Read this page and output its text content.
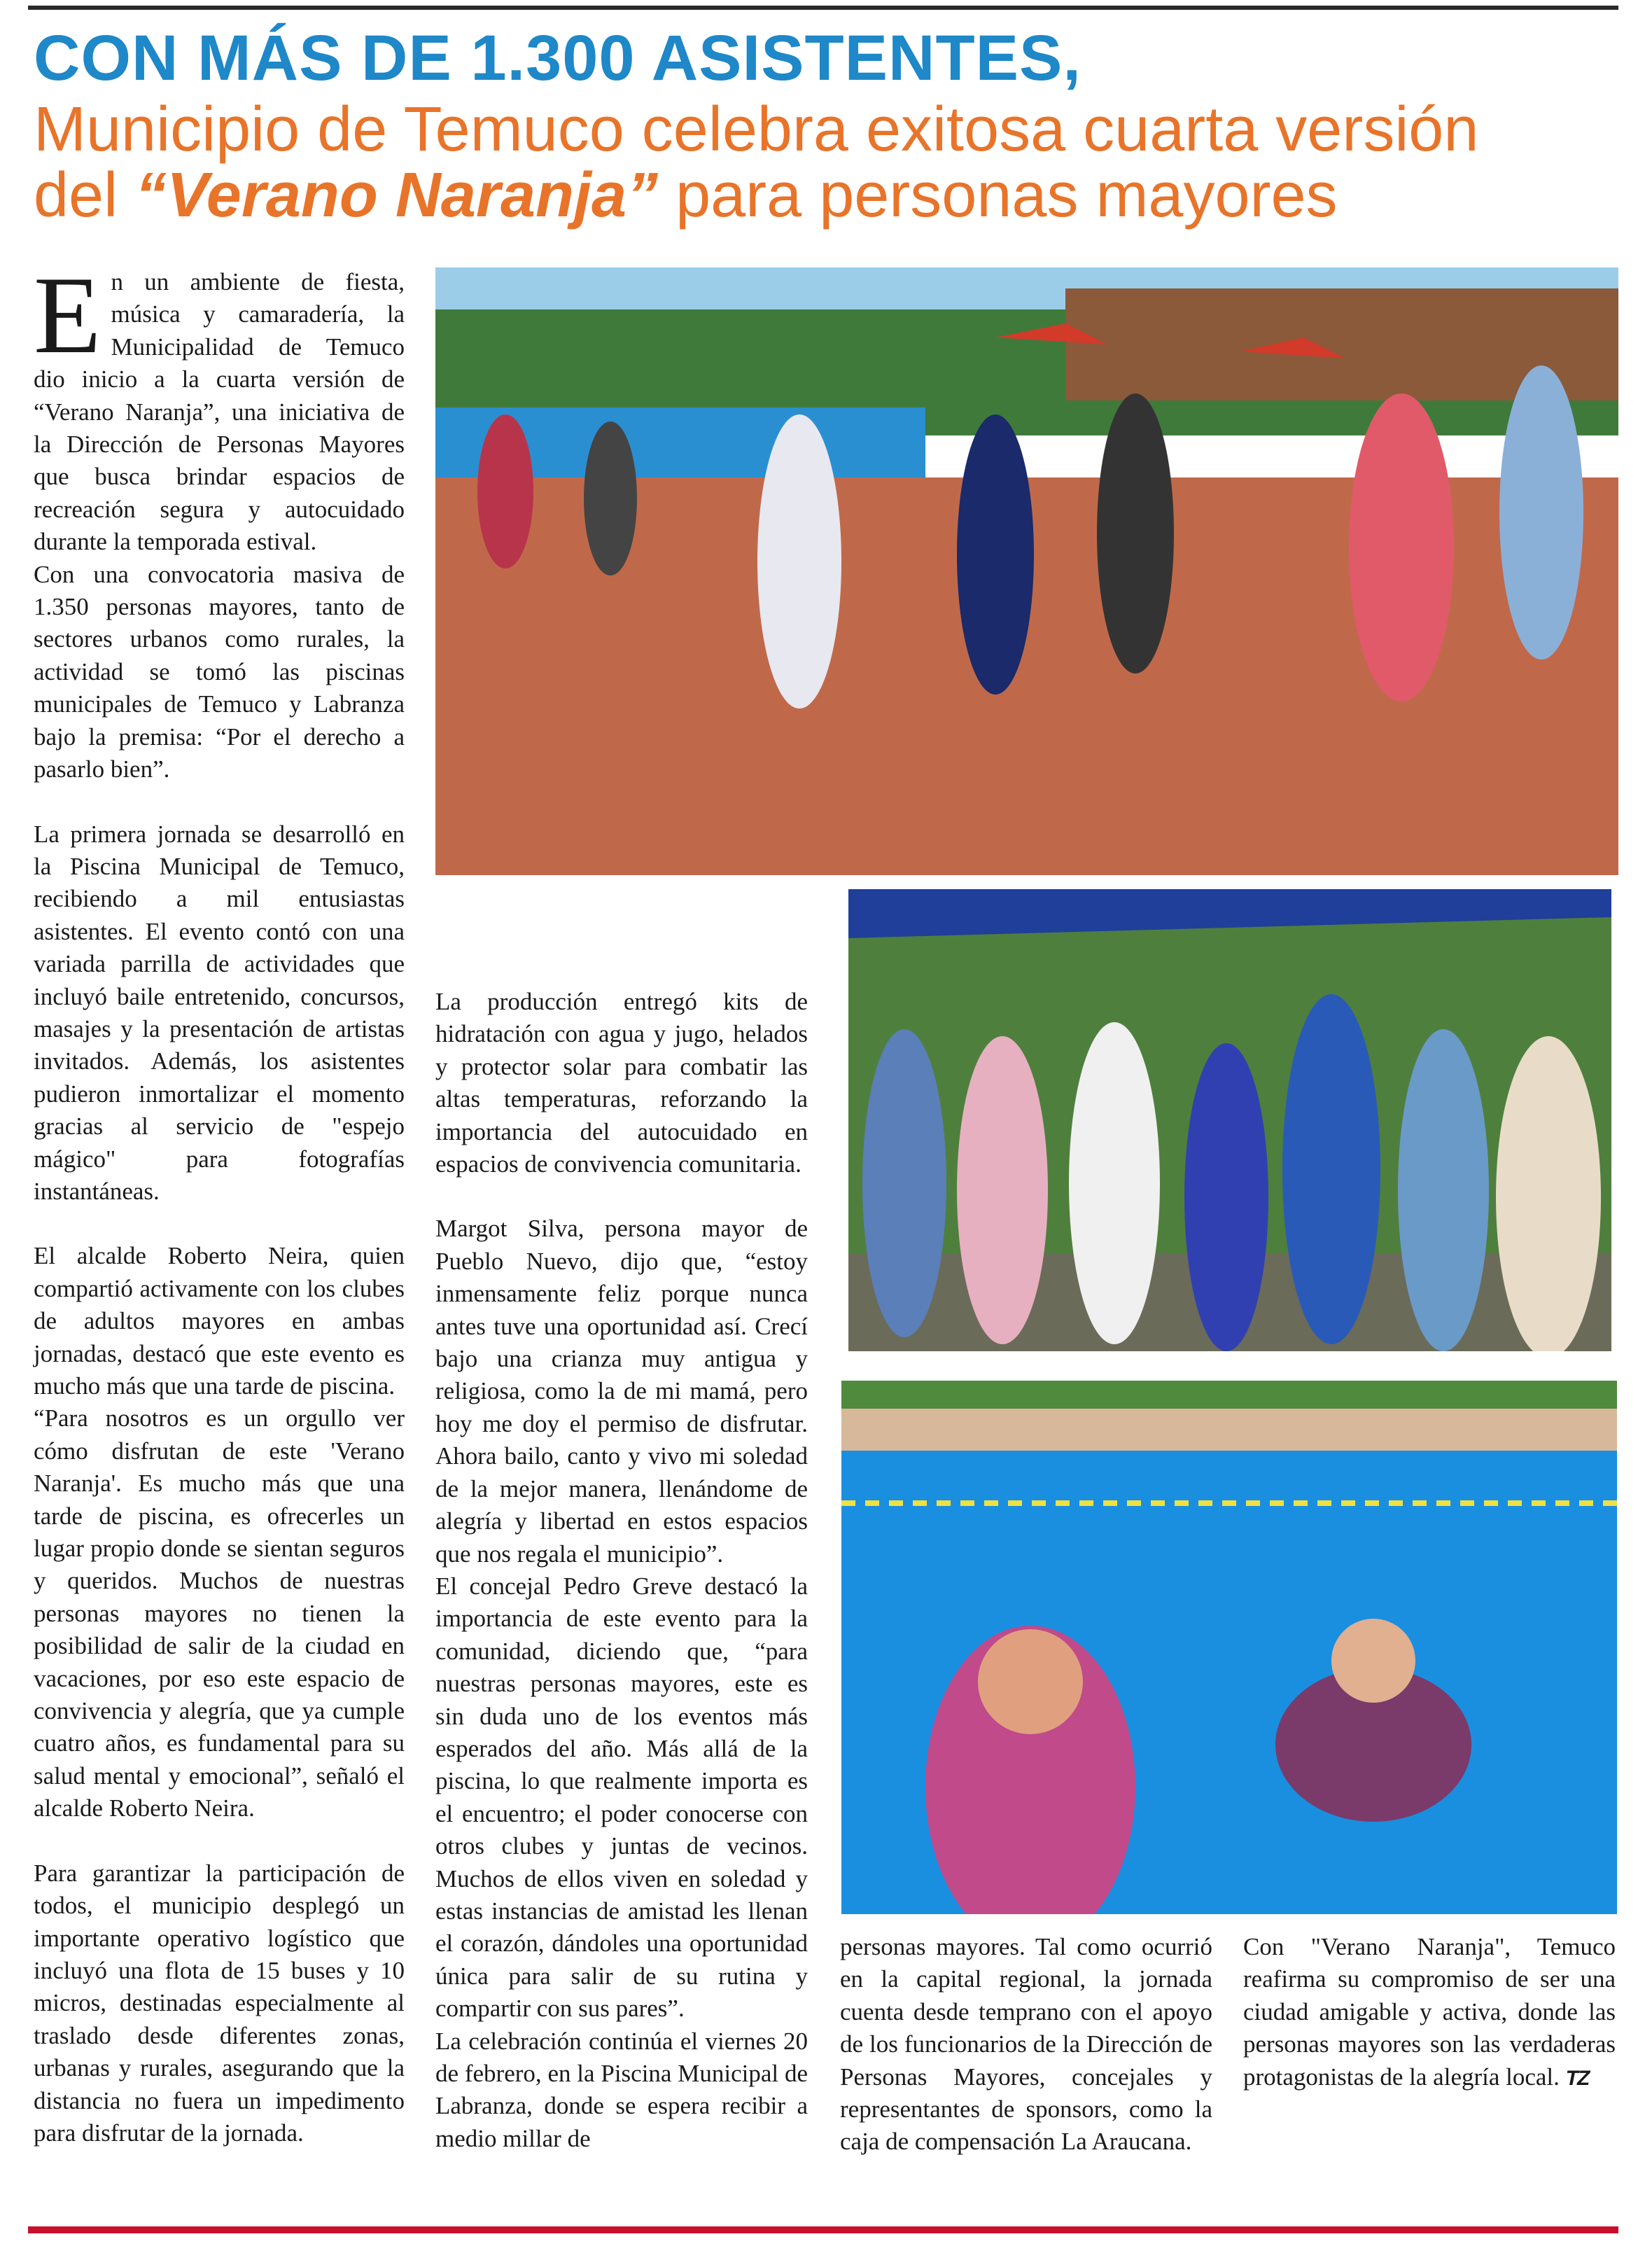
CON MÁS DE 1.300 ASISTENTES,
Municipio de Temuco celebra exitosa cuarta versión
del “Verano Naranja” para personas mayores
E n un ambiente de fiesta, música y camaradería, la Municipalidad de Temuco dio inicio a la cuarta versión de “Verano Naranja”, una iniciativa de la Dirección de Personas Mayores que busca brindar espacios de recreación segura y autocuidado durante la temporada estival.

Con una convocatoria masiva de 1.350 personas mayores, tanto de sectores urbanos como rurales, la actividad se tomó las piscinas municipales de Temuco y Labranza bajo la premisa: “Por el derecho a pasarlo bien”.

La primera jornada se desarrolló en la Piscina Municipal de Temuco, recibiendo a mil entusiastas asistentes. El evento contó con una variada parrilla de actividades que incluyó baile entretenido, concursos, masajes y la presentación de artistas invitados. Además, los asistentes pudieron inmortalizar el momento gracias al servicio de "espejo mágico" para fotografías instantáneas.

El alcalde Roberto Neira, quien compartió activamente con los clubes de adultos mayores en ambas jornadas, destacó que este evento es mucho más que una tarde de piscina.

“Para nosotros es un orgullo ver cómo disfrutan de este 'Verano Naranja'. Es mucho más que una tarde de piscina, es ofrecerles un lugar propio donde se sientan seguros y queridos. Muchos de nuestras personas mayores no tienen la posibilidad de salir de la ciudad en vacaciones, por eso este espacio de convivencia y alegría, que ya cumple cuatro años, es fundamental para su salud mental y emocional”, señaló el alcalde Roberto Neira.

Para garantizar la participación de todos, el municipio desplegó un importante operativo logístico que incluyó una flota de 15 buses y 10 micros, destinadas especialmente al traslado desde diferentes zonas, urbanas y rurales, asegurando que la distancia no fuera un impedimento para disfrutar de la jornada.

La producción entregó kits de hidratación con agua y jugo, helados y protector solar para combatir las altas temperaturas, reforzando la importancia del autocuidado en espacios de convivencia comunitaria.

Margot Silva, persona mayor de Pueblo Nuevo, dijo que, “estoy inmensamente feliz porque nunca antes tuve una oportunidad así. Crecí bajo una crianza muy antigua y religiosa, como la de mi mamá, pero hoy me doy el permiso de disfrutar. Ahora bailo, canto y vivo mi soledad de la mejor manera, llenándome de alegría y libertad en estos espacios que nos regala el municipio”.

El concejal Pedro Greve destacó la importancia de este evento para la comunidad, diciendo que, “para nuestras personas mayores, este es sin duda uno de los eventos más esperados del año. Más allá de la piscina, lo que realmente importa es el encuentro; el poder conocerse con otros clubes y juntas de vecinos. Muchos de ellos viven en soledad y estas instancias de amistad les llenan el corazón, dándoles una oportunidad única para salir de su rutina y compartir con sus pares”.

La celebración continúa el viernes 20 de febrero, en la Piscina Municipal de Labranza, donde se espera recibir a medio millar de

personas mayores. Tal como ocurrió en la capital regional, la jornada cuenta desde temprano con el apoyo de los funcionarios de la Dirección de Personas Mayores, concejales y representantes de sponsors, como la caja de compensación La Araucana.

Con "Verano Naranja", Temuco reafirma su compromiso de ser una ciudad amigable y activa, donde las personas mayores son las verdaderas protagonistas de la alegría local. TZ
